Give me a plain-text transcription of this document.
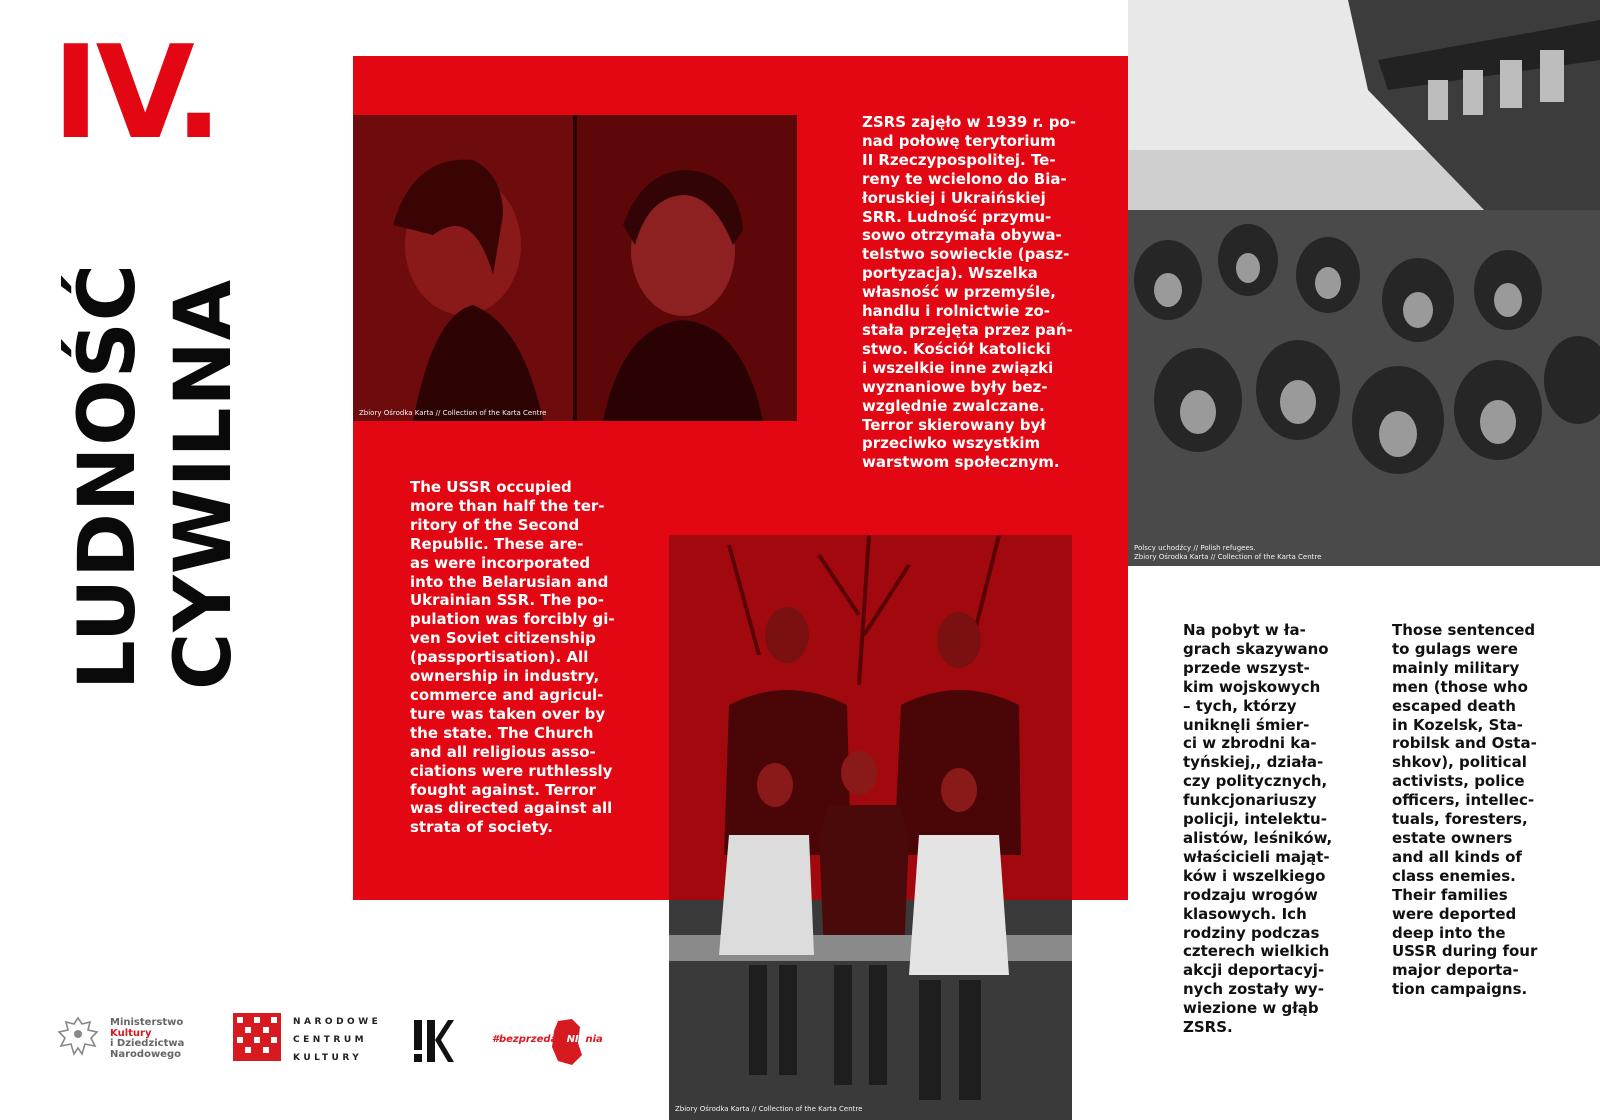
IV.
LUDNOŚĆ CYWILNA	Zbiory Ośrodka Karta // Collection of the Karta Centre
Polscy uchodźcy // Polish refugees.
Zbiory Ośrodka Karta // Collection of the Karta Centre
Zbiory Ośrodka Karta // Collection of the Karta Centre
ZSRS zajęło w 1939 r. po-
nad połowę terytorium
II Rzeczypospolitej. Te-
reny te wcielono do Bia-
łoruskiej i Ukraińskiej
SRR. Ludność przymu-
sowo otrzymała obywa-
telstwo sowieckie (pasz-
portyzacja). Wszelka
własność w przemyśle,
handlu i rolnictwie zo-
stała przejęta przez pań-
stwo. Kościół katolicki
i wszelkie inne związki
wyznaniowe były bez-
względnie zwalczane.
Terror skierowany był
przeciwko wszystkim
warstwom społecznym.
The USSR occupied
more than half the ter-
ritory of the Second
Republic. These are-
as were incorporated
into the Belarusian and
Ukrainian SSR. The po-
pulation was forcibly gi-
ven Soviet citizenship
(passportisation). All
ownership in industry,
commerce and agricul-
ture was taken over by
the state. The Church
and all religious asso-
ciations were ruthlessly
fought against. Terror
was directed against all
strata of society.
Na pobyt w ła-
grach skazywano
przede wszyst-
kim wojskowych
– tych, którzy
uniknęli śmier-
ci w zbrodni ka-
tyńskiej,, działa-
czy politycznych,
funkcjonariuszy
policji, intelektu-
alistów, leśników,
właścicieli mająt-
ków i wszelkiego
rodzaju wrogów
klasowych. Ich
rodziny podczas
czterech wielkich
akcji deportacyj-
nych zostały wy-
wiezione w głąb
ZSRS.
Those sentenced
to gulags were
mainly military
men (those who
escaped death
in Kozelsk, Sta-
robilsk and Osta-
shkov), political
activists, police
officers, intellec-
tuals, foresters,
estate owners
and all kinds of
class enemies.
Their families
were deported
deep into the
USSR during four
major deporta-
tion campaigns.
Ministerstwo
Kultury
i Dziedzictwa
Narodowego
NARODOWE
CENTRUM
KULTURY
#bezprzedawNIEnia
